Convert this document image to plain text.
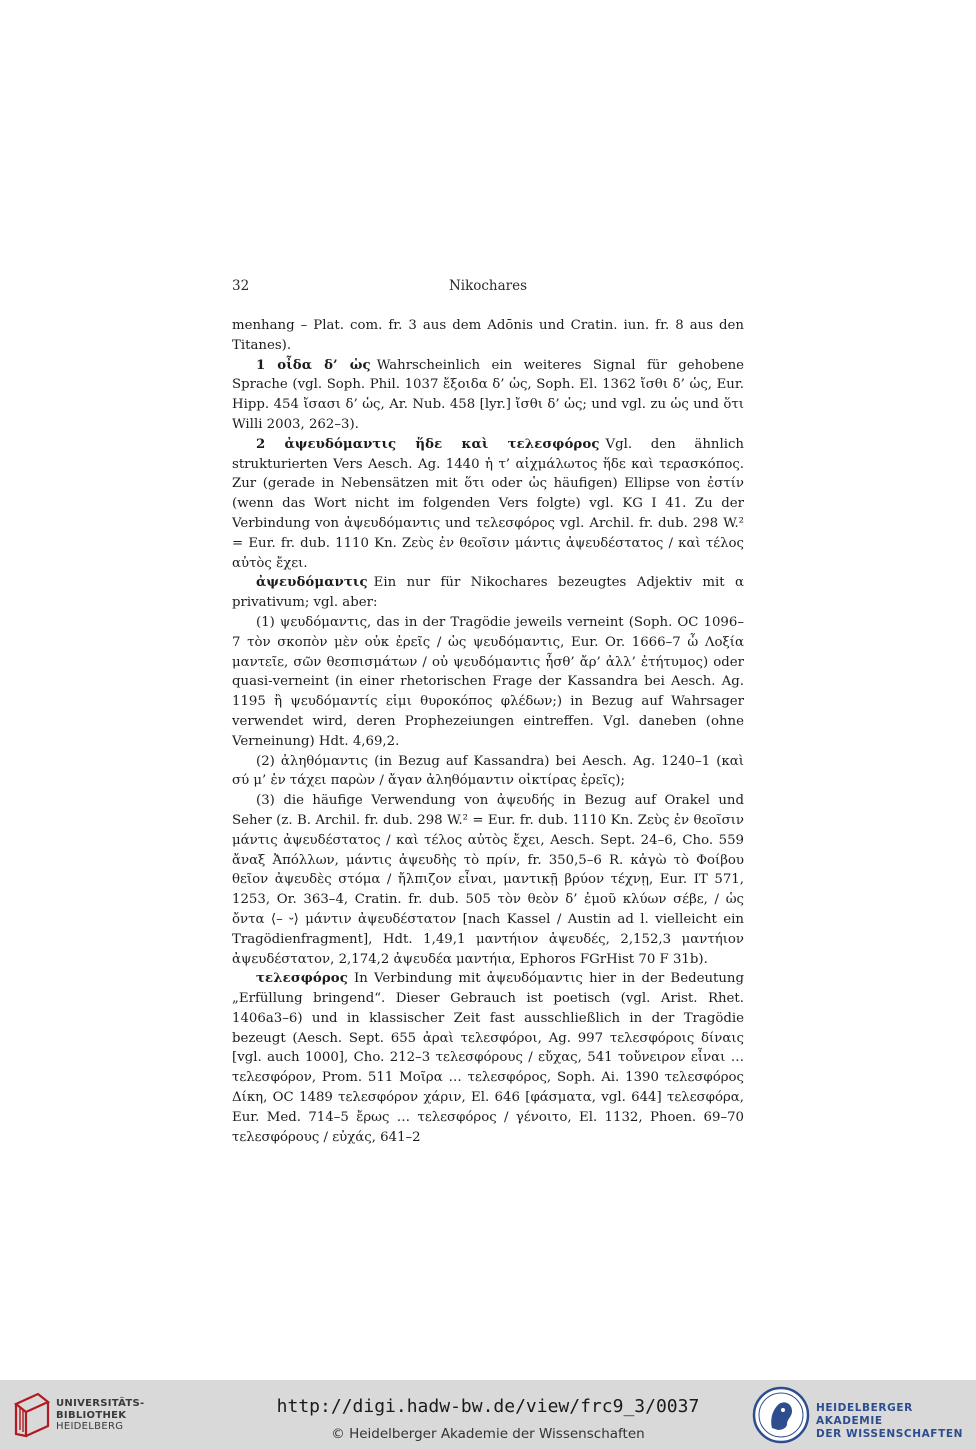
32	Nikochares

menhang – Plat. com. fr. 3 aus dem Adōnis und Cratin. iun. fr. 8 aus den Titanes).

1 οἶδα δ’ ὡς Wahrscheinlich ein weiteres Signal für gehobene Sprache (vgl. Soph. Phil. 1037 ἔξοιδα δ’ ὡς, Soph. El. 1362 ἴσθι δ’ ὡς, Eur. Hipp. 454 ἴσασι δ’ ὡς, Ar. Nub. 458 [lyr.] ἴσθι δ’ ὡς; und vgl. zu ὡς und ὅτι Willi 2003, 262–3).

2 ἀψευδόμαντις ἥδε καὶ τελεσφόρος Vgl. den ähnlich strukturierten Vers Aesch. Ag. 1440 ἡ τ’ αἰχμάλωτος ἥδε καὶ τερασκόπος. Zur (gerade in Nebensätzen mit ὅτι oder ὡς häufigen) Ellipse von ἐστίν (wenn das Wort nicht im folgenden Vers folgte) vgl. KG I 41. Zu der Verbindung von ἀψευδόμαντις und τελεσφόρος vgl. Archil. fr. dub. 298 W.² = Eur. fr. dub. 1110 Kn. Ζεὺς ἐν θεοῖσιν μάντις ἀψευδέστατος / καὶ τέλος αὐτὸς ἔχει.

ἀψευδόμαντις Ein nur für Nikochares bezeugtes Adjektiv mit α privativum; vgl. aber:

(1) ψευδόμαντις, das in der Tragödie jeweils verneint (Soph. OC 1096–7 τὸν σκοπὸν μὲν οὐκ ἐρεῖς / ὡς ψευδόμαντις, Eur. Or. 1666–7 ὦ Λοξία μαντεῖε, σῶν θεσπισμάτων / οὐ ψευδόμαντις ἦσθ’ ἄρ’ ἀλλ’ ἐτήτυμος) oder quasi-verneint (in einer rhetorischen Frage der Kassandra bei Aesch. Ag. 1195 ἢ ψευδόμαντίς εἰμι θυροκόπος φλέδων;) in Bezug auf Wahrsager verwendet wird, deren Prophezeiungen eintreffen. Vgl. daneben (ohne Verneinung) Hdt. 4,69,2.

(2) ἀληθόμαντις (in Bezug auf Kassandra) bei Aesch. Ag. 1240–1 (καὶ σύ μ’ ἐν τάχει παρὼν / ἄγαν ἀληθόμαντιν οἰκτίρας ἐρεῖς);

(3) die häufige Verwendung von ἀψευδής in Bezug auf Orakel und Seher (z. B. Archil. fr. dub. 298 W.² = Eur. fr. dub. 1110 Kn. Ζεὺς ἐν θεοῖσιν μάντις ἀψευδέστατος / καὶ τέλος αὐτὸς ἔχει, Aesch. Sept. 24–6, Cho. 559 ἄναξ Ἀπόλλων, μάντις ἀψευδὴς τὸ πρίν, fr. 350,5–6 R. κἀγὼ τὸ Φοίβου θεῖον ἀψευδὲς στόμα / ἤλπιζον εἶναι, μαντικῇ βρύον τέχνῃ, Eur. IT 571, 1253, Or. 363–4, Cratin. fr. dub. 505 τὸν θεὸν δ’ ἐμοῦ κλύων σέβε, / ὡς ὄντα ⟨– ⏑⟩ μάντιν ἀψευδέστατον [nach Kassel / Austin ad l. vielleicht ein Tragödienfragment], Hdt. 1,49,1 μαντήιον ἀψευδές, 2,152,3 μαντήιον ἀψευδέστατον, 2,174,2 ἀψευδέα μαντήια, Ephoros FGrHist 70 F 31b).

τελεσφόρος In Verbindung mit ἀψευδόμαντις hier in der Bedeutung „Erfüllung bringend“. Dieser Gebrauch ist poetisch (vgl. Arist. Rhet. 1406a3–6) und in klassischer Zeit fast ausschließlich in der Tragödie bezeugt (Aesch. Sept. 655 ἀραὶ τελεσφόροι, Ag. 997 τελεσφόροις δίναις [vgl. auch 1000], Cho. 212–3 τελεσφόρους / εὔχας, 541 τοὔνειρον εἶναι … τελεσφόρον, Prom. 511 Μοῖρα … τελεσφόρος, Soph. Ai. 1390 τελεσφόρος Δίκη, OC 1489 τελεσφόρον χάριν, El. 646 [φάσματα, vgl. 644] τελεσφόρα, Eur. Med. 714–5 ἔρως … τελεσφόρος / γένοιτο, El. 1132, Phoen. 69–70 τελεσφόρους / εὐχάς, 641–2

UNIVERSITÄTS-
BIBLIOTHEK
HEIDELBERG
http://digi.hadw-bw.de/view/frc9_3/0037
© Heidelberger Akademie der Wissenschaften
HEIDELBERGER AKADEMIE
DER WISSENSCHAFTEN
